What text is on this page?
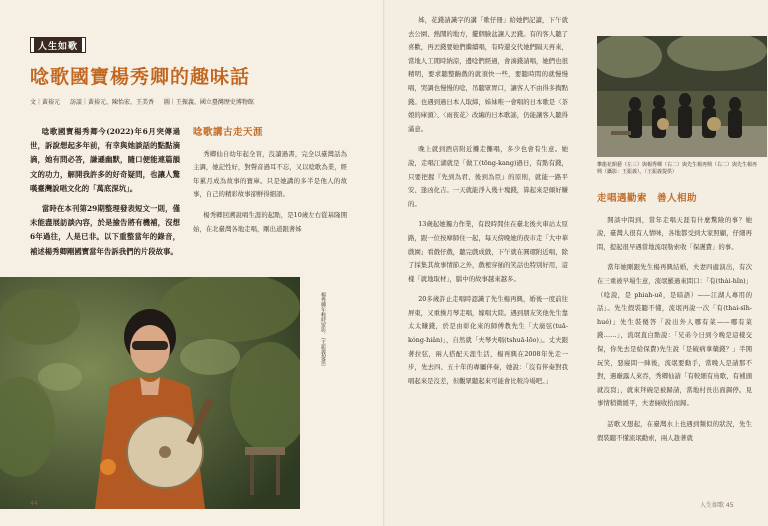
人生如歌
唸歌國寶楊秀卿的趣味話
文｜黃裕元 訪談｜黃裕元、陳怡宏、王美香 圖｜王振義、國立臺灣歷史博物館

唸歌國寶楊秀卿今(2022)年6月突傳過世，訴說想起多年前，有幸與她談話的點點滴滴，她有問必答，謙遜幽默，隨口便能連篇韻文的功力，解開我許多的好奇疑問，也讓人驚嘆臺灣說唱文化的「萬底深坑」。

當時在本刊第29期整理發表短文一則，僅未能盡展訪談內容，於是撿告將有機補，沒想6年過往，人是已非。以下重整當年的錄音，補述楊秀卿剛國寶當年告訴我們的片段故事。

唸歌講古走天涯

秀卿仙自幼年起全盲，沒讀過書，完全以臺灣話為主調，她記性好，對聲音過耳不忘，又以唸歌為業，經年累月成為故事的寶庫。只是她講的多半是他人的故事，自己的精彩故事卻鮮得細語。

楊秀卿回溯說唱生涯的起點，是10歲左右從基隆開始，在北臺灣各地走唱，剛出道跟著姊

楊秀卿年輕時留影。（王振義提供）
44

姊，花錢請識字的講「歌仔冊」給她們記讀，下午就去公園、熱鬧的地方，擺個臉盆讓人丟錢。有的客人聽了喜歡，再丟錢要她們繼續唱，有時還交代她們隔天再來，當地人工閒時納涼，邊唸們經過，會湊錢請唱，她們也很精明，要求聽整齣戲的就須快一些，要聽時間的就慢慢唱，哭調也慢慢的唸，吊聽眾胃口，讓客人不由得多掏點錢。也遇到過日本人取締，姊妹唯一會唱的日本歌是〈茶娘的庫頭〉、〈雨夜花〉改編的日本歌謠，仍能讓客人聽得滿意。

晚上就到酒店附近攤走攤唱，多少也會有生意。她說，走唱江湖就是「做工(tōng-kang)過日，有點有錢，只要把握『先到為君、後到為臣』的原則，就能一路平安、逢凶化吉。一天就能淨入幾十塊錢，算起來是頗好賺的。

13歲起她獨力作業，有段時間住在臺北後火車站太原路，跟一位按摩師住一起，每天傍晚她的夜市走「大中華戲園」看戲仔戲，聽完戲成戲，下午就在圓環附近唱，除了採集其故事情節之外，戲裡穿插的笑話也特別好用，這樣「就地取材」，腦中的故事越來越多。

20多歲許止走唱時認識了先生楊再興，婚後一度前往屏東，又重操月琴走唱，嫁唱大陸。遇到朋友笑他先生靠太太賺錢，於是由彰化來的師傅教先生「大廣弦(tuā-kóng-hiân)」，自然就「夫琴夫唱(tshuā-lōo)」。丈夫跟著拉弦，兩人搭配天涯生活，楊再興在2008年先走一步，先去四、五十年的專屬伴奏，她說：「沒有伴奏對我唱起來是沒差，但觀眾聽起來可能會比較冷場吧。」

攀龍花館藝（左三）與楊秀卿（右二）與先生楊再興（右二）與先生楊再興（攝影：王振義）。（王振義提供）
走唱遇勤索　善人相助

開談中問到，當年走唱天涯有什麼驚險的事？她說，臺灣人很有人情味，各地都受到大家照顧，仔細再問，提起很早遇當地流氓勒索收「保護費」的事。

當年她剛跟先生楊再興結婚，夫妻四處演出，有次在三重被早場生意，流氓羅過來問口：「有(thài-hǐn)」（唸說，是 phiah-uē，是暗語）——江湖人專用的話」。先生假裝聽不懂，流氓再說一次「有(thai-sīh-hué)」先生裝傻答「說出外人哪有菜——哪有菜錢……」，流氓直白點說：「兄弟今日到今晚是這樣交保，你先去是給保費)先生說「是破病拿藥錢？」半開玩笑，惡寢問一陣後，流氓要動手，當晚人是請那不對，遇巔露人來吞，秀卿仙請「有較細有鳥歌，有補頭就沒寫」，就來拜碗是被歸請，當地村長出面調停。見事情稍微緩平，夫妻倆收拾而歸。

話歌又想起，在臺灣水上也遇到類似的狀況，先生假裝聽不懂流氓勸索，兩人趁著就

人生如歌 45
